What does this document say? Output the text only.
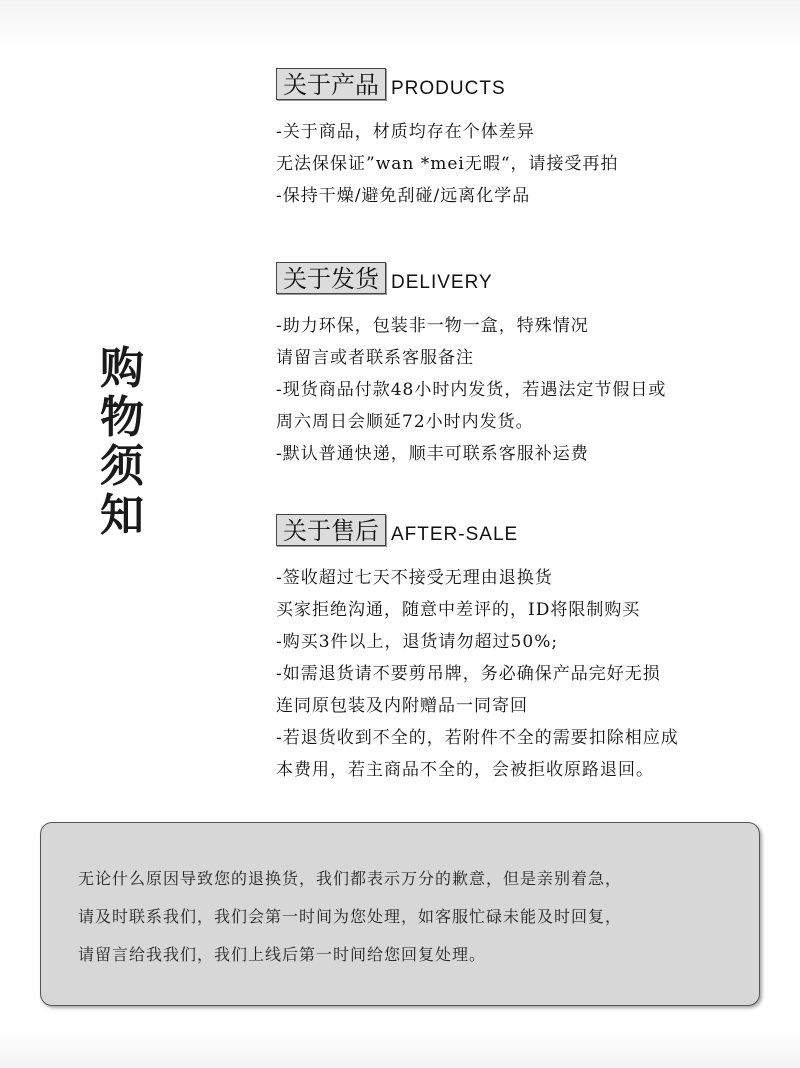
购
物
须
知
关于产品 PRODUCTS
-关于商品，材质均存在个体差异
无法保保证”wan *mei无暇“，请接受再拍
-保持干燥/避免刮碰/远离化学品
关于发货 DELIVERY
-助力环保，包装非一物一盒，特殊情况
请留言或者联系客服备注
-现货商品付款48小时内发货，若遇法定节假日或
周六周日会顺延72小时内发货。
-默认普通快递，顺丰可联系客服补运费
关于售后 AFTER-SALE
-签收超过七天不接受无理由退换货
买家拒绝沟通，随意中差评的，ID将限制购买
-购买3件以上，退货请勿超过50%;
-如需退货请不要剪吊牌，务必确保产品完好无损
连同原包装及内附赠品一同寄回
-若退货收到不全的，若附件不全的需要扣除相应成
本费用，若主商品不全的，会被拒收原路退回。
无论什么原因导致您的退换货，我们都表示万分的歉意，但是亲别着急，
请及时联系我们，我们会第一时间为您处理，如客服忙碌未能及时回复，
请留言给我我们，我们上线后第一时间给您回复处理。
